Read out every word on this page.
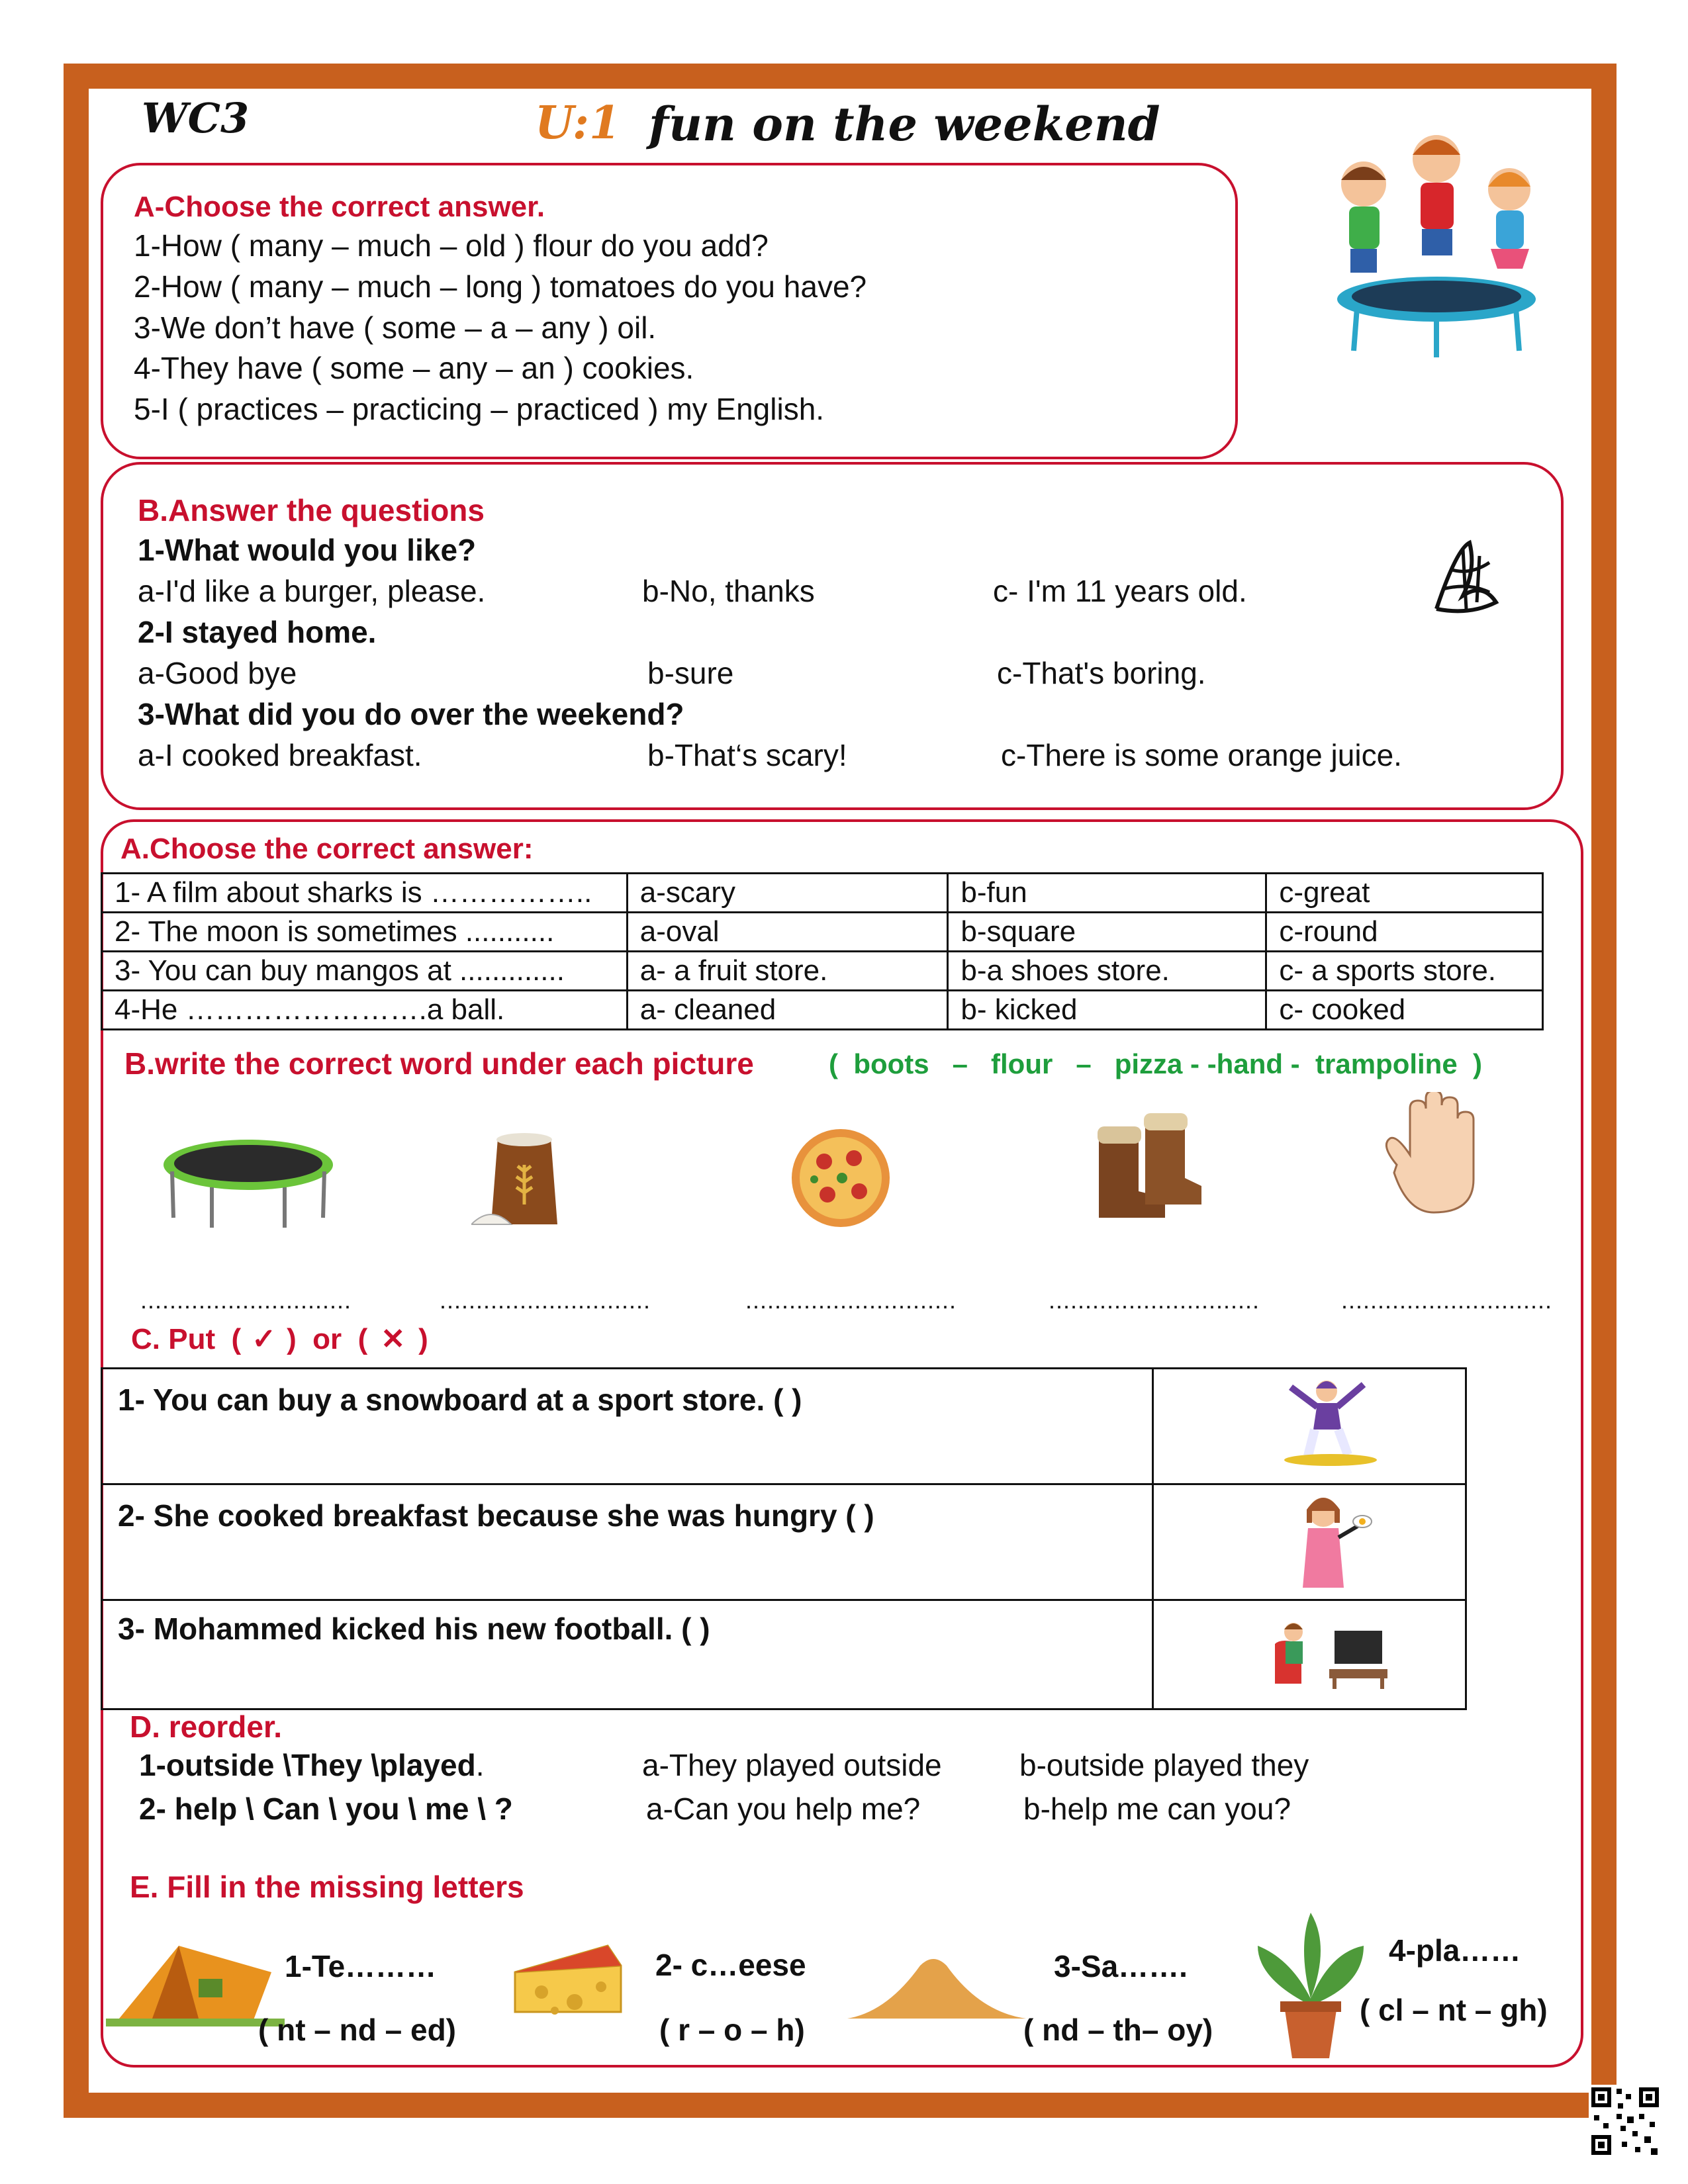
WC3	U:1 fun on the weekend
A-Choose the correct answer.
1-How ( many – much – old ) flour do you add?
2-How ( many – much – long ) tomatoes do you have?
3-We don’t have ( some – a – any ) oil.
4-They have ( some – any – an ) cookies.
5-I ( practices – practicing – practiced ) my English.
B.Answer the questions
1-What would you like?
a-I'd like a burger, please.	b-No, thanks	c- I'm 11 years old.
2-I stayed home.
a-Good bye	b-sure	c-That's boring.
3-What did you do over the weekend?
a-I cooked breakfast.	b-That‘s scary!	c-There is some orange juice.
A.Choose the correct answer:
1- A film about sharks is ……………..	a-scary	b-fun	c-great
2- The moon is sometimes ...........	a-oval	b-square	c-round
3- You can buy mangos at .............	a- a fruit store.	b-a shoes store.	c- a sports store.
4-He …………………….a ball.	a- cleaned	b- kicked	c- cooked
B.write the correct word under each picture	(  boots   –   flour   –   pizza - -hand -  trampoline  )
.............................	.............................	.............................	.............................	.............................
C. Put  ( ✓ )  or  ( ✕ )
1- You can buy a snowboard at a sport store. ( )

2- She cooked breakfast because she was hungry ( )

3- Mohammed kicked his new football. ( )

D. reorder.
1-outside \They \played.	a-They played outside	b-outside played they
2- help \ Can \ you \ me \ ?	a-Can you help me?	b-help me can you?
E. Fill in the missing letters
1-Te………
( nt – nd – ed)
2- c…eese
( r – o – h)
3-Sa…….
( nd – th– oy)
4-pla……
( cl – nt – gh)
